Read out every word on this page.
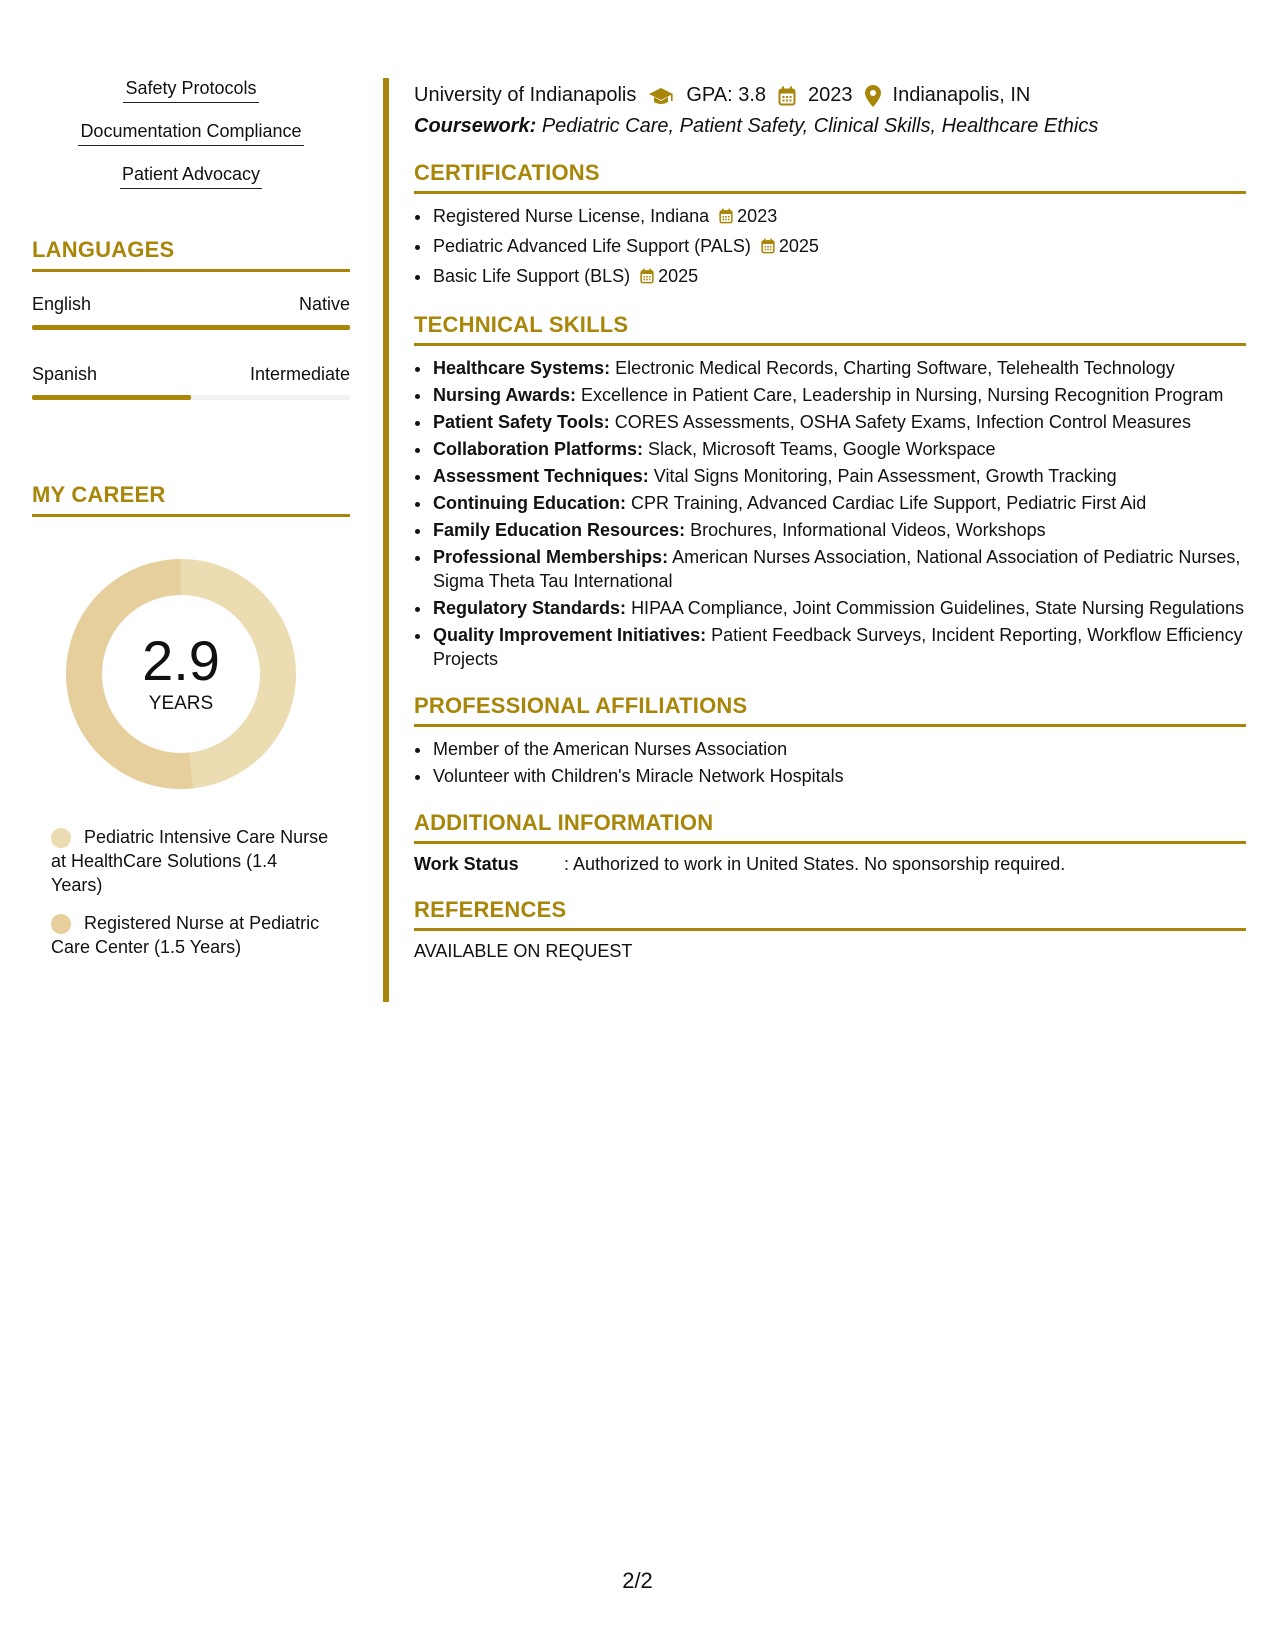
Safety Protocols
Documentation Compliance
Patient Advocacy
LANGUAGES
English	Native
Spanish	Intermediate
MY CAREER
2.9
YEARS
Pediatric Intensive Care Nurse at HealthCare Solutions (1.4 Years)
Registered Nurse at Pediatric Care Center (1.5 Years)
University of Indianapolis	GPA: 3.8 2023 Indianapolis, IN
Coursework: Pediatric Care, Patient Safety, Clinical Skills, Healthcare Ethics
CERTIFICATIONS
• Registered Nurse License, Indiana 2023
• Pediatric Advanced Life Support (PALS) 2025
• Basic Life Support (BLS) 2025
TECHNICAL SKILLS
• Healthcare Systems: Electronic Medical Records, Charting Software, Telehealth Technology
• Nursing Awards: Excellence in Patient Care, Leadership in Nursing, Nursing Recognition Program
• Patient Safety Tools: CORES Assessments, OSHA Safety Exams, Infection Control Measures
• Collaboration Platforms: Slack, Microsoft Teams, Google Workspace
• Assessment Techniques: Vital Signs Monitoring, Pain Assessment, Growth Tracking
• Continuing Education: CPR Training, Advanced Cardiac Life Support, Pediatric First Aid
• Family Education Resources: Brochures, Informational Videos, Workshops
• Professional Memberships: American Nurses Association, National Association of Pediatric Nurses, Sigma Theta Tau International
• Regulatory Standards: HIPAA Compliance, Joint Commission Guidelines, State Nursing Regulations
• Quality Improvement Initiatives: Patient Feedback Surveys, Incident Reporting, Workflow Efficiency Projects
PROFESSIONAL AFFILIATIONS
• Member of the American Nurses Association
• Volunteer with Children's Miracle Network Hospitals
ADDITIONAL INFORMATION
Work Status	: Authorized to work in United States. No sponsorship required.
REFERENCES
AVAILABLE ON REQUEST
2/2
